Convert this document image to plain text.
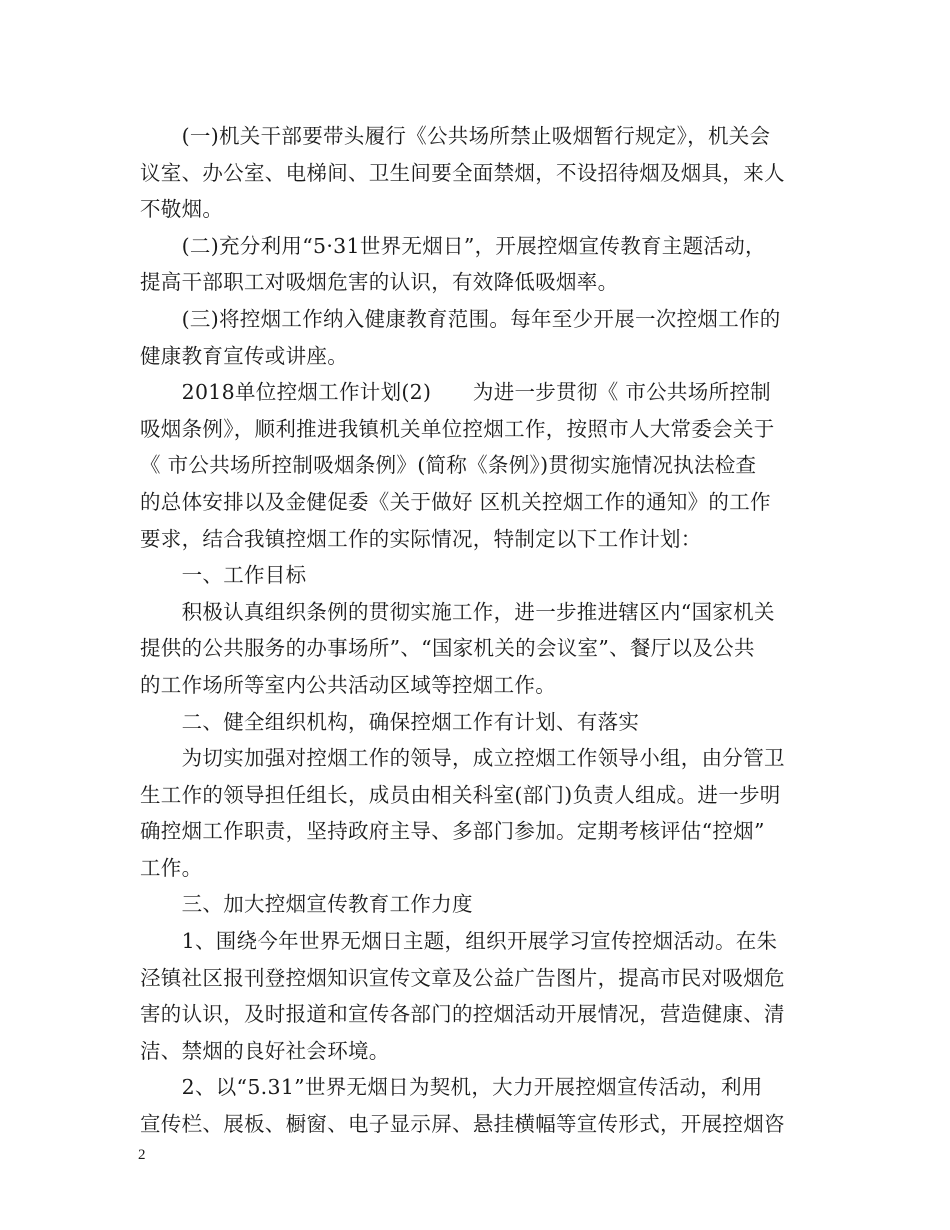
　　(一)机关干部要带头履行《公共场所禁止吸烟暂行规定》，机关会
议室、办公室、电梯间、卫生间要全面禁烟，不设招待烟及烟具，来人
不敬烟。

　　(二)充分利用“5·31世界无烟日”，开展控烟宣传教育主题活动，
提高干部职工对吸烟危害的认识，有效降低吸烟率。

　　(三)将控烟工作纳入健康教育范围。每年至少开展一次控烟工作的
健康教育宣传或讲座。

　　2018单位控烟工作计划(2)　　为进一步贯彻《 市公共场所控制
吸烟条例》，顺利推进我镇机关单位控烟工作，按照市人大常委会关于
《 市公共场所控制吸烟条例》(简称《条例》)贯彻实施情况执法检查
的总体安排以及金健促委《关于做好 区机关控烟工作的通知》的工作
要求，结合我镇控烟工作的实际情况，特制定以下工作计划：

　　一、工作目标

　　积极认真组织条例的贯彻实施工作，进一步推进辖区内“国家机关
提供的公共服务的办事场所”、“国家机关的会议室”、餐厅以及公共
的工作场所等室内公共活动区域等控烟工作。

　　二、健全组织机构，确保控烟工作有计划、有落实

　　为切实加强对控烟工作的领导，成立控烟工作领导小组，由分管卫
生工作的领导担任组长，成员由相关科室(部门)负责人组成。进一步明
确控烟工作职责，坚持政府主导、多部门参加。定期考核评估“控烟”
工作。

　　三、加大控烟宣传教育工作力度

　　1、围绕今年世界无烟日主题，组织开展学习宣传控烟活动。在朱
泾镇社区报刊登控烟知识宣传文章及公益广告图片，提高市民对吸烟危
害的认识，及时报道和宣传各部门的控烟活动开展情况，营造健康、清
洁、禁烟的良好社会环境。

　　2、以“5.31”世界无烟日为契机，大力开展控烟宣传活动，利用
宣传栏、展板、橱窗、电子显示屏、悬挂横幅等宣传形式，开展控烟咨

2
